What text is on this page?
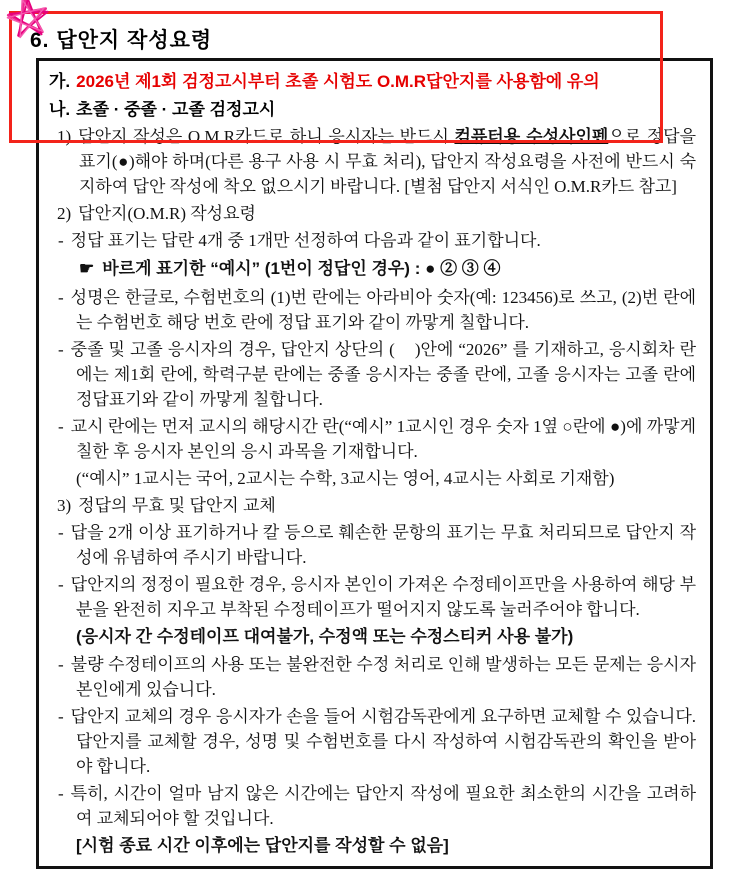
6. 답안지 작성요령
가. 2026년 제1회 검정고시부터 초졸 시험도 O.M.R답안지를 사용함에 유의
나. 초졸 · 중졸 · 고졸 검정고시
1) 답안지 작성은 O.M.R카드로 하니 응시자는 반드시 컴퓨터용 수성사인펜으로 정답을 표기(●)해야 하며(다른 용구 사용 시 무효 처리), 답안지 작성요령을 사전에 반드시 숙지하여 답안 작성에 착오 없으시기 바랍니다. [별첨 답안지 서식인 O.M.R카드 참고]
2) 답안지(O.M.R) 작성요령
- 정답 표기는 답란 4개 중 1개만 선정하여 다음과 같이 표기합니다.
☛ 바르게 표기한 “예시” (1번이 정답인 경우) : ● ② ③ ④
- 성명은 한글로, 수험번호의 (1)번 란에는 아라비아 숫자(예: 123456)로 쓰고, (2)번 란에는 수험번호 해당 번호 란에 정답 표기와 같이 까맣게 칠합니다.
- 중졸 및 고졸 응시자의 경우, 답안지 상단의 (    )안에 “2026” 를 기재하고, 응시회차 란에는 제1회 란에, 학력구분 란에는 중졸 응시자는 중졸 란에, 고졸 응시자는 고졸 란에 정답표기와 같이 까맣게 칠합니다.
- 교시 란에는 먼저 교시의 해당시간 란(“예시” 1교시인 경우 숫자 1옆 ○란에 ●)에 까맣게 칠한 후 응시자 본인의 응시 과목을 기재합니다.
(“예시” 1교시는 국어, 2교시는 수학, 3교시는 영어, 4교시는 사회로 기재함)
3) 정답의 무효 및 답안지 교체
- 답을 2개 이상 표기하거나 칼 등으로 훼손한 문항의 표기는 무효 처리되므로 답안지 작성에 유념하여 주시기 바랍니다.
- 답안지의 정정이 필요한 경우, 응시자 본인이 가져온 수정테이프만을 사용하여 해당 부분을 완전히 지우고 부착된 수정테이프가 떨어지지 않도록 눌러주어야 합니다.
(응시자 간 수정테이프 대여불가, 수정액 또는 수정스티커 사용 불가)
- 불량 수정테이프의 사용 또는 불완전한 수정 처리로 인해 발생하는 모든 문제는 응시자 본인에게 있습니다.
- 답안지 교체의 경우 응시자가 손을 들어 시험감독관에게 요구하면 교체할 수 있습니다. 답안지를 교체할 경우, 성명 및 수험번호를 다시 작성하여 시험감독관의 확인을 받아야 합니다.
- 특히, 시간이 얼마 남지 않은 시간에는 답안지 작성에 필요한 최소한의 시간을 고려하여 교체되어야 할 것입니다.
[시험 종료 시간 이후에는 답안지를 작성할 수 없음]
